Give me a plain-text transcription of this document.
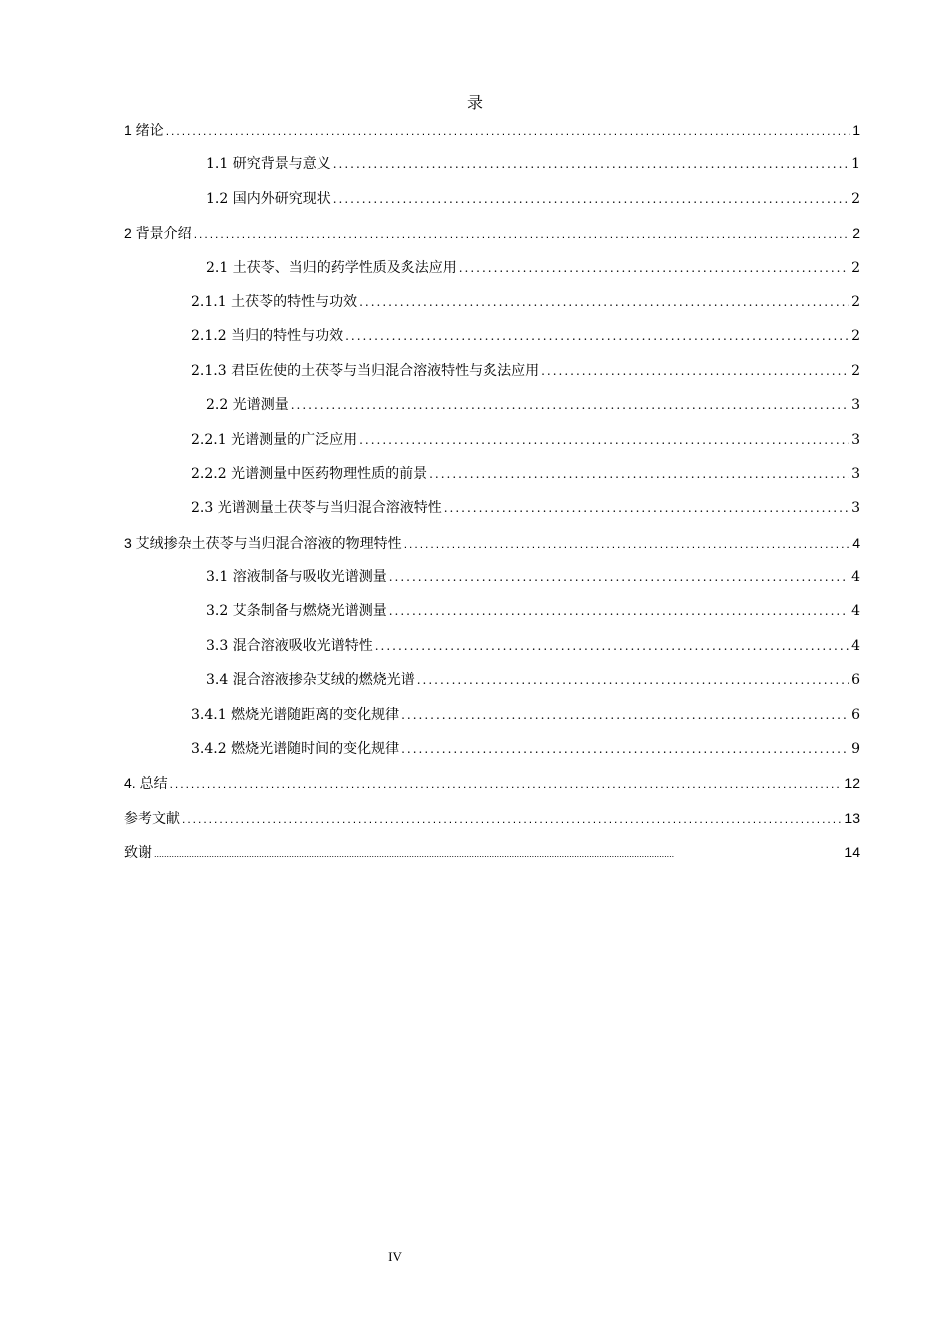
录
1 绪论 .....	1
1.1 研究背景与意义 .....	1
1.2 国内外研究现状 .....	2
2 背景介绍 .....	2
2.1 土茯苓、当归的药学性质及炙法应用 .....	2
2.1.1 土茯苓的特性与功效 .....	2
2.1.2 当归的特性与功效 .....	2
2.1.3 君臣佐使的土茯苓与当归混合溶液特性与炙法应用 .....	2
2.2 光谱测量 .....	3
2.2.1 光谱测量的广泛应用 .....	3
2.2.2 光谱测量中医药物理性质的前景 .....	3
2.3 光谱测量土茯苓与当归混合溶液特性 .....	3
3 艾绒掺杂土茯苓与当归混合溶液的物理特性 .....	4
3.1 溶液制备与吸收光谱测量 .....	4
3.2 艾条制备与燃烧光谱测量 .....	4
3.3 混合溶液吸收光谱特性 .....	4
3.4 混合溶液掺杂艾绒的燃烧光谱 .....	6
3.4.1 燃烧光谱随距离的变化规律 .....	6
3.4.2 燃烧光谱随时间的变化规律 .....	9
4. 总结 .....	12
参考文献 .....	13
致谢 .....	14
IV
